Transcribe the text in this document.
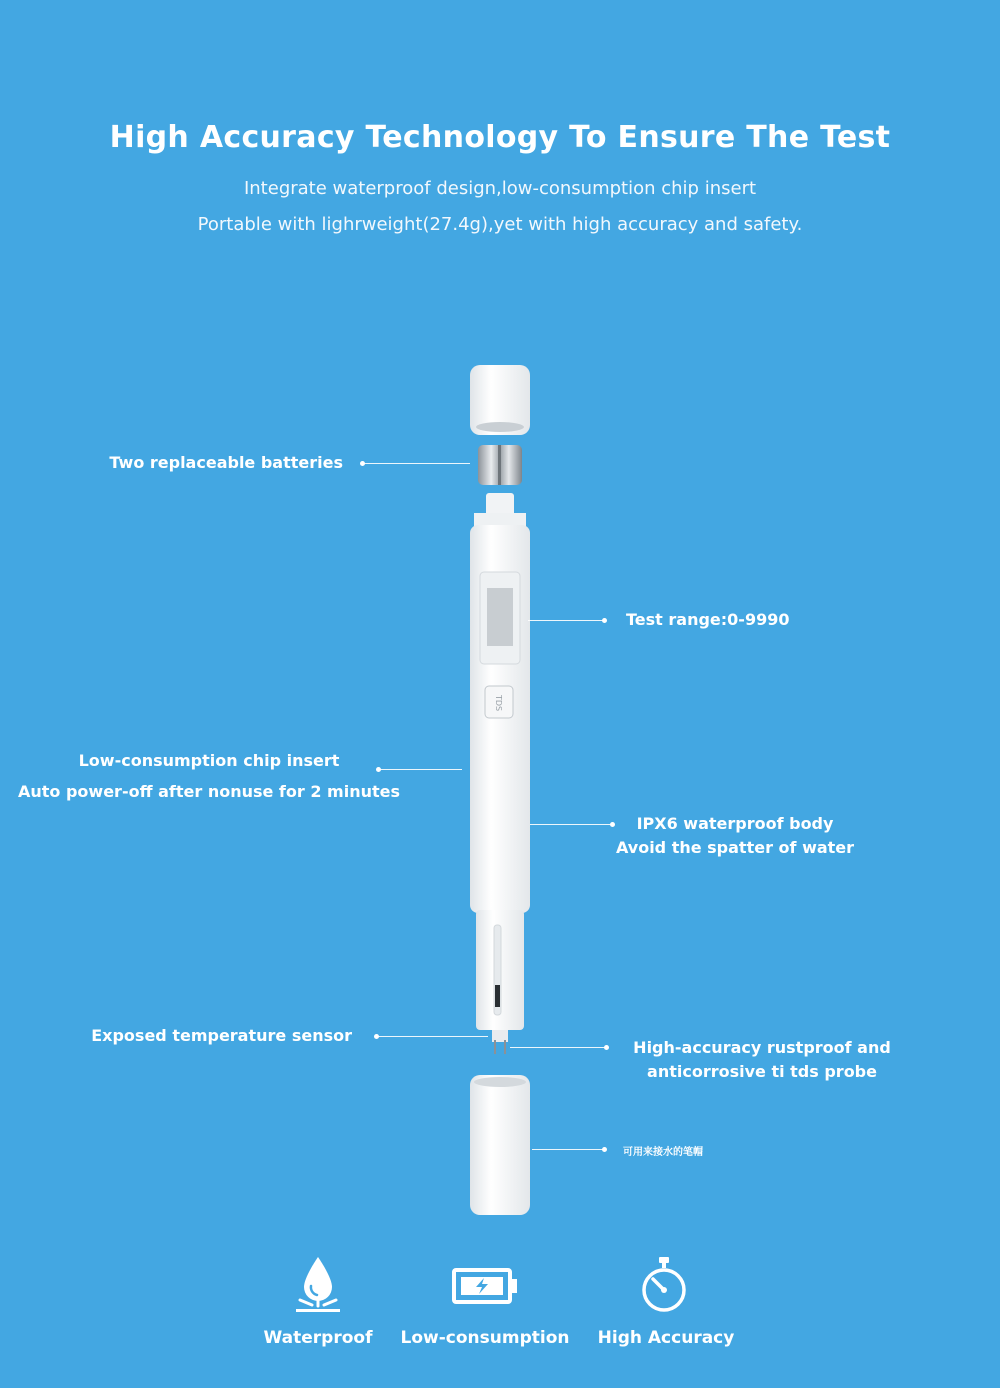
High Accuracy Technology To Ensure The Test
Integrate waterproof design,low-consumption chip insert
Portable with lighrweight(27.4g),yet with high accuracy and safety.
TDS
Two replaceable batteries
Low-consumption chip insert
Auto power-off after nonuse for 2 minutes
Exposed temperature sensor
Test range:0-9990
IPX6 waterproof body
Avoid the spatter of water
High-accuracy rustproof and
anticorrosive ti tds probe
可用来接水的笔帽
Waterproof	Low-consumption	High Accuracy
